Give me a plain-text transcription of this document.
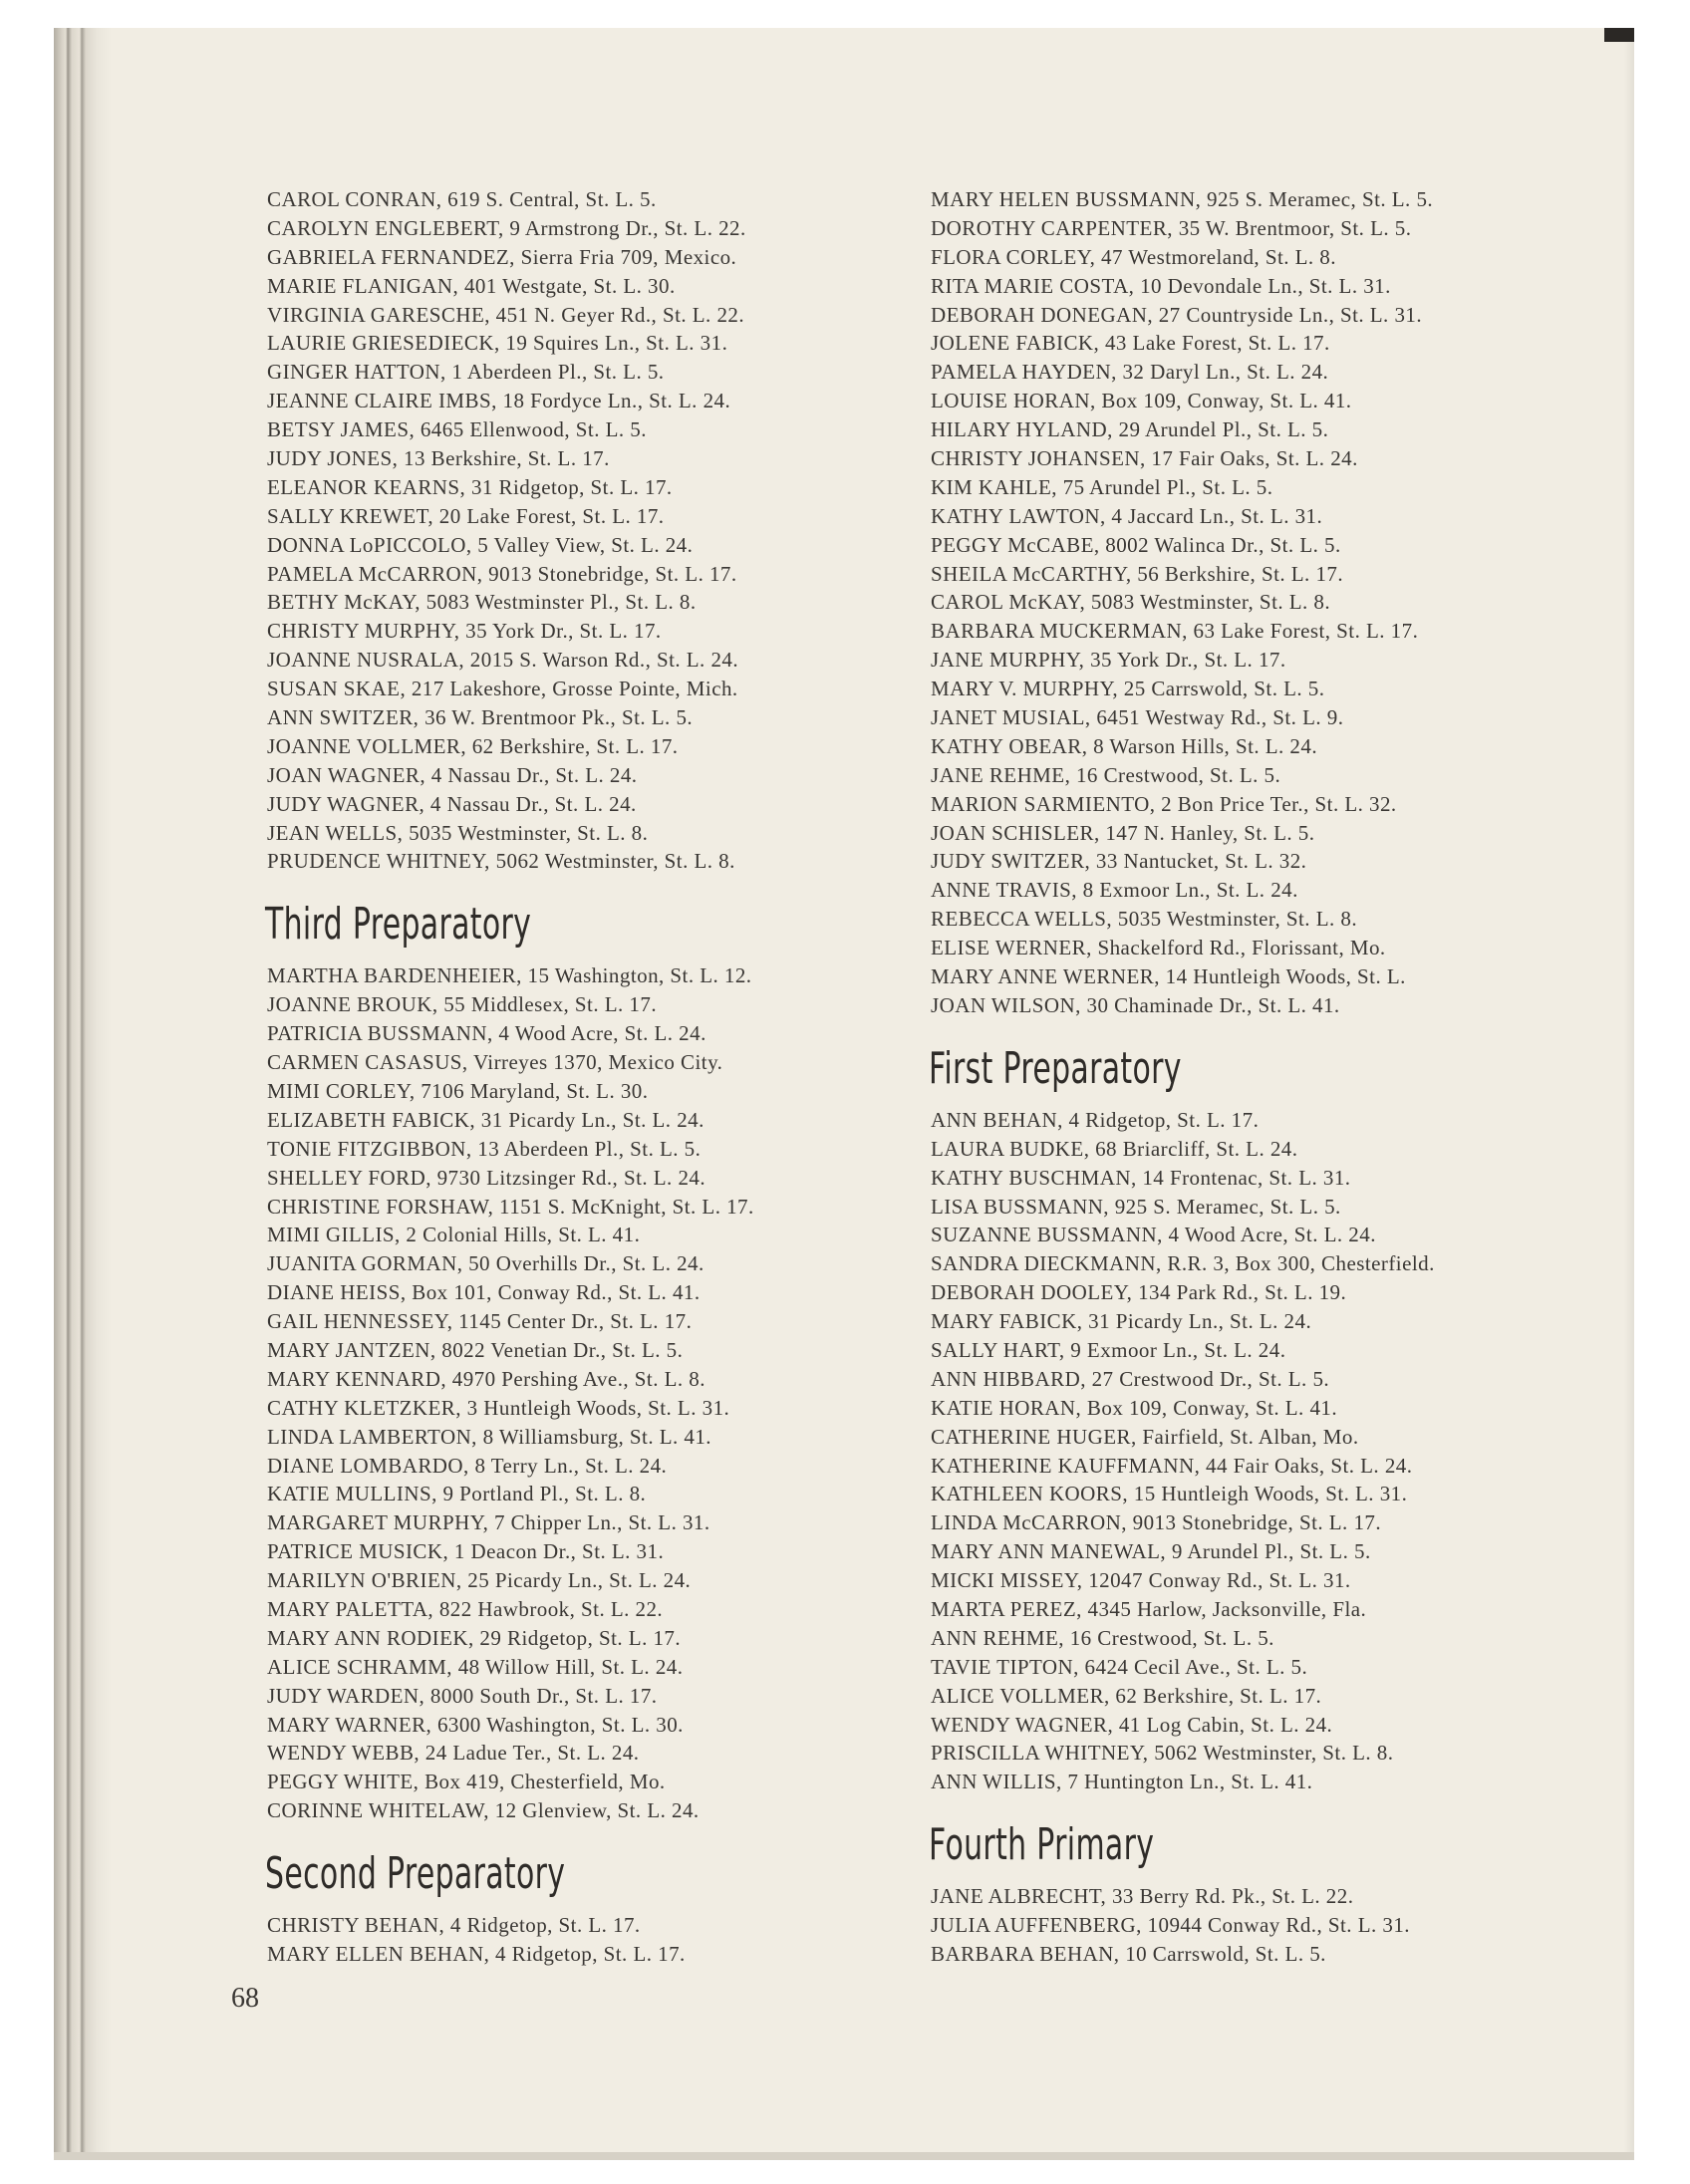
CAROL CONRAN, 619 S. Central, St. L. 5.
CAROLYN ENGLEBERT, 9 Armstrong Dr., St. L. 22.
GABRIELA FERNANDEZ, Sierra Fria 709, Mexico.
MARIE FLANIGAN, 401 Westgate, St. L. 30.
VIRGINIA GARESCHE, 451 N. Geyer Rd., St. L. 22.
LAURIE GRIESEDIECK, 19 Squires Ln., St. L. 31.
GINGER HATTON, 1 Aberdeen Pl., St. L. 5.
JEANNE CLAIRE IMBS, 18 Fordyce Ln., St. L. 24.
BETSY JAMES, 6465 Ellenwood, St. L. 5.
JUDY JONES, 13 Berkshire, St. L. 17.
ELEANOR KEARNS, 31 Ridgetop, St. L. 17.
SALLY KREWET, 20 Lake Forest, St. L. 17.
DONNA LoPICCOLO, 5 Valley View, St. L. 24.
PAMELA McCARRON, 9013 Stonebridge, St. L. 17.
BETHY McKAY, 5083 Westminster Pl., St. L. 8.
CHRISTY MURPHY, 35 York Dr., St. L. 17.
JOANNE NUSRALA, 2015 S. Warson Rd., St. L. 24.
SUSAN SKAE, 217 Lakeshore, Grosse Pointe, Mich.
ANN SWITZER, 36 W. Brentmoor Pk., St. L. 5.
JOANNE VOLLMER, 62 Berkshire, St. L. 17.
JOAN WAGNER, 4 Nassau Dr., St. L. 24.
JUDY WAGNER, 4 Nassau Dr., St. L. 24.
JEAN WELLS, 5035 Westminster, St. L. 8.
PRUDENCE WHITNEY, 5062 Westminster, St. L. 8.
Third Preparatory
MARTHA BARDENHEIER, 15 Washington, St. L. 12.
JOANNE BROUK, 55 Middlesex, St. L. 17.
PATRICIA BUSSMANN, 4 Wood Acre, St. L. 24.
CARMEN CASASUS, Virreyes 1370, Mexico City.
MIMI CORLEY, 7106 Maryland, St. L. 30.
ELIZABETH FABICK, 31 Picardy Ln., St. L. 24.
TONIE FITZGIBBON, 13 Aberdeen Pl., St. L. 5.
SHELLEY FORD, 9730 Litzsinger Rd., St. L. 24.
CHRISTINE FORSHAW, 1151 S. McKnight, St. L. 17.
MIMI GILLIS, 2 Colonial Hills, St. L. 41.
JUANITA GORMAN, 50 Overhills Dr., St. L. 24.
DIANE HEISS, Box 101, Conway Rd., St. L. 41.
GAIL HENNESSEY, 1145 Center Dr., St. L. 17.
MARY JANTZEN, 8022 Venetian Dr., St. L. 5.
MARY KENNARD, 4970 Pershing Ave., St. L. 8.
CATHY KLETZKER, 3 Huntleigh Woods, St. L. 31.
LINDA LAMBERTON, 8 Williamsburg, St. L. 41.
DIANE LOMBARDO, 8 Terry Ln., St. L. 24.
KATIE MULLINS, 9 Portland Pl., St. L. 8.
MARGARET MURPHY, 7 Chipper Ln., St. L. 31.
PATRICE MUSICK, 1 Deacon Dr., St. L. 31.
MARILYN O'BRIEN, 25 Picardy Ln., St. L. 24.
MARY PALETTA, 822 Hawbrook, St. L. 22.
MARY ANN RODIEK, 29 Ridgetop, St. L. 17.
ALICE SCHRAMM, 48 Willow Hill, St. L. 24.
JUDY WARDEN, 8000 South Dr., St. L. 17.
MARY WARNER, 6300 Washington, St. L. 30.
WENDY WEBB, 24 Ladue Ter., St. L. 24.
PEGGY WHITE, Box 419, Chesterfield, Mo.
CORINNE WHITELAW, 12 Glenview, St. L. 24.
Second Preparatory
CHRISTY BEHAN, 4 Ridgetop, St. L. 17.
MARY ELLEN BEHAN, 4 Ridgetop, St. L. 17.
MARY HELEN BUSSMANN, 925 S. Meramec, St. L. 5.
DOROTHY CARPENTER, 35 W. Brentmoor, St. L. 5.
FLORA CORLEY, 47 Westmoreland, St. L. 8.
RITA MARIE COSTA, 10 Devondale Ln., St. L. 31.
DEBORAH DONEGAN, 27 Countryside Ln., St. L. 31.
JOLENE FABICK, 43 Lake Forest, St. L. 17.
PAMELA HAYDEN, 32 Daryl Ln., St. L. 24.
LOUISE HORAN, Box 109, Conway, St. L. 41.
HILARY HYLAND, 29 Arundel Pl., St. L. 5.
CHRISTY JOHANSEN, 17 Fair Oaks, St. L. 24.
KIM KAHLE, 75 Arundel Pl., St. L. 5.
KATHY LAWTON, 4 Jaccard Ln., St. L. 31.
PEGGY McCABE, 8002 Walinca Dr., St. L. 5.
SHEILA McCARTHY, 56 Berkshire, St. L. 17.
CAROL McKAY, 5083 Westminster, St. L. 8.
BARBARA MUCKERMAN, 63 Lake Forest, St. L. 17.
JANE MURPHY, 35 York Dr., St. L. 17.
MARY V. MURPHY, 25 Carrswold, St. L. 5.
JANET MUSIAL, 6451 Westway Rd., St. L. 9.
KATHY OBEAR, 8 Warson Hills, St. L. 24.
JANE REHME, 16 Crestwood, St. L. 5.
MARION SARMIENTO, 2 Bon Price Ter., St. L. 32.
JOAN SCHISLER, 147 N. Hanley, St. L. 5.
JUDY SWITZER, 33 Nantucket, St. L. 32.
ANNE TRAVIS, 8 Exmoor Ln., St. L. 24.
REBECCA WELLS, 5035 Westminster, St. L. 8.
ELISE WERNER, Shackelford Rd., Florissant, Mo.
MARY ANNE WERNER, 14 Huntleigh Woods, St. L.
JOAN WILSON, 30 Chaminade Dr., St. L. 41.
First Preparatory
ANN BEHAN, 4 Ridgetop, St. L. 17.
LAURA BUDKE, 68 Briarcliff, St. L. 24.
KATHY BUSCHMAN, 14 Frontenac, St. L. 31.
LISA BUSSMANN, 925 S. Meramec, St. L. 5.
SUZANNE BUSSMANN, 4 Wood Acre, St. L. 24.
SANDRA DIECKMANN, R.R. 3, Box 300, Chesterfield.
DEBORAH DOOLEY, 134 Park Rd., St. L. 19.
MARY FABICK, 31 Picardy Ln., St. L. 24.
SALLY HART, 9 Exmoor Ln., St. L. 24.
ANN HIBBARD, 27 Crestwood Dr., St. L. 5.
KATIE HORAN, Box 109, Conway, St. L. 41.
CATHERINE HUGER, Fairfield, St. Alban, Mo.
KATHERINE KAUFFMANN, 44 Fair Oaks, St. L. 24.
KATHLEEN KOORS, 15 Huntleigh Woods, St. L. 31.
LINDA McCARRON, 9013 Stonebridge, St. L. 17.
MARY ANN MANEWAL, 9 Arundel Pl., St. L. 5.
MICKI MISSEY, 12047 Conway Rd., St. L. 31.
MARTA PEREZ, 4345 Harlow, Jacksonville, Fla.
ANN REHME, 16 Crestwood, St. L. 5.
TAVIE TIPTON, 6424 Cecil Ave., St. L. 5.
ALICE VOLLMER, 62 Berkshire, St. L. 17.
WENDY WAGNER, 41 Log Cabin, St. L. 24.
PRISCILLA WHITNEY, 5062 Westminster, St. L. 8.
ANN WILLIS, 7 Huntington Ln., St. L. 41.
Fourth Primary
JANE ALBRECHT, 33 Berry Rd. Pk., St. L. 22.
JULIA AUFFENBERG, 10944 Conway Rd., St. L. 31.
BARBARA BEHAN, 10 Carrswold, St. L. 5.
68
